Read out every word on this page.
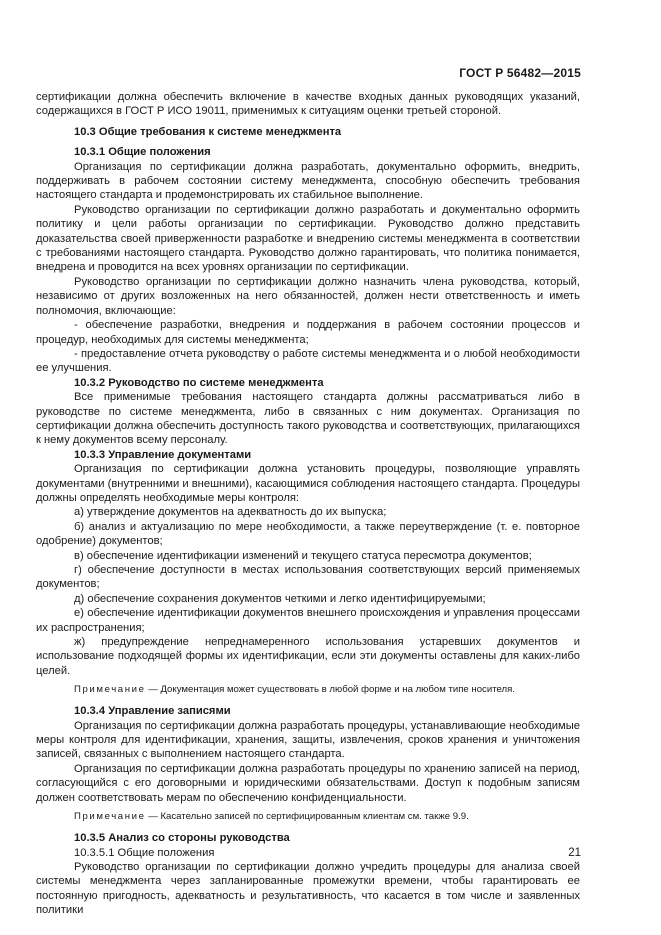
ГОСТ Р 56482—2015

сертификации должна обеспечить включение в качестве входных данных руководящих указаний, содержащихся в ГОСТ Р ИСО 19011, применимых к ситуациям оценки третьей стороной.

10.3 Общие требования к системе менеджмента

10.3.1 Общие положения

Организация по сертификации должна разработать, документально оформить, внедрить, поддерживать в рабочем состоянии систему менеджмента, способную обеспечить требования настоящего стандарта и продемонстрировать их стабильное выполнение.

Руководство организации по сертификации должно разработать и документально оформить политику и цели работы организации по сертификации. Руководство должно представить доказательства своей приверженности разработке и внедрению системы менеджмента в соответствии с требованиями настоящего стандарта. Руководство должно гарантировать, что политика понимается, внедрена и проводится на всех уровнях организации по сертификации.

Руководство организации по сертификации должно назначить члена руководства, который, независимо от других возложенных на него обязанностей, должен нести ответственность и иметь полномочия, включающие:

- обеспечение разработки, внедрения и поддержания в рабочем состоянии процессов и процедур, необходимых для системы менеджмента;

- предоставление отчета руководству о работе системы менеджмента и о любой необходимости ее улучшения.

10.3.2 Руководство по системе менеджмента

Все применимые требования настоящего стандарта должны рассматриваться либо в руководстве по системе менеджмента, либо в связанных с ним документах. Организация по сертификации должна обеспечить доступность такого руководства и соответствующих, прилагающихся к нему документов всему персоналу.

10.3.3 Управление документами

Организация по сертификации должна установить процедуры, позволяющие управлять документами (внутренними и внешними), касающимися соблюдения настоящего стандарта. Процедуры должны определять необходимые меры контроля:

а) утверждение документов на адекватность до их выпуска;

б) анализ и актуализацию по мере необходимости, а также переутверждение (т. е. повторное одобрение) документов;

в) обеспечение идентификации изменений и текущего статуса пересмотра документов;

г) обеспечение доступности в местах использования соответствующих версий применяемых документов;

д) обеспечение сохранения документов четкими и легко идентифицируемыми;

е) обеспечение идентификации документов внешнего происхождения и управления процессами их распространения;

ж) предупреждение непреднамеренного использования устаревших документов и использование подходящей формы их идентификации, если эти документы оставлены для каких-либо целей.

Примечание — Документация может существовать в любой форме и на любом типе носителя.

10.3.4 Управление записями

Организация по сертификации должна разработать процедуры, устанавливающие необходимые меры контроля для идентификации, хранения, защиты, извлечения, сроков хранения и уничтожения записей, связанных с выполнением настоящего стандарта.

Организация по сертификации должна разработать процедуры по хранению записей на период, согласующийся с его договорными и юридическими обязательствами. Доступ к подобным записям должен соответствовать мерам по обеспечению конфиденциальности.

Примечание — Касательно записей по сертифицированным клиентам см. также 9.9.

10.3.5 Анализ со стороны руководства

10.3.5.1 Общие положения

Руководство организации по сертификации должно учредить процедуры для анализа своей системы менеджмента через запланированные промежутки времени, чтобы гарантировать ее постоянную пригодность, адекватность и результативность, что касается в том числе и заявленных политики

21
